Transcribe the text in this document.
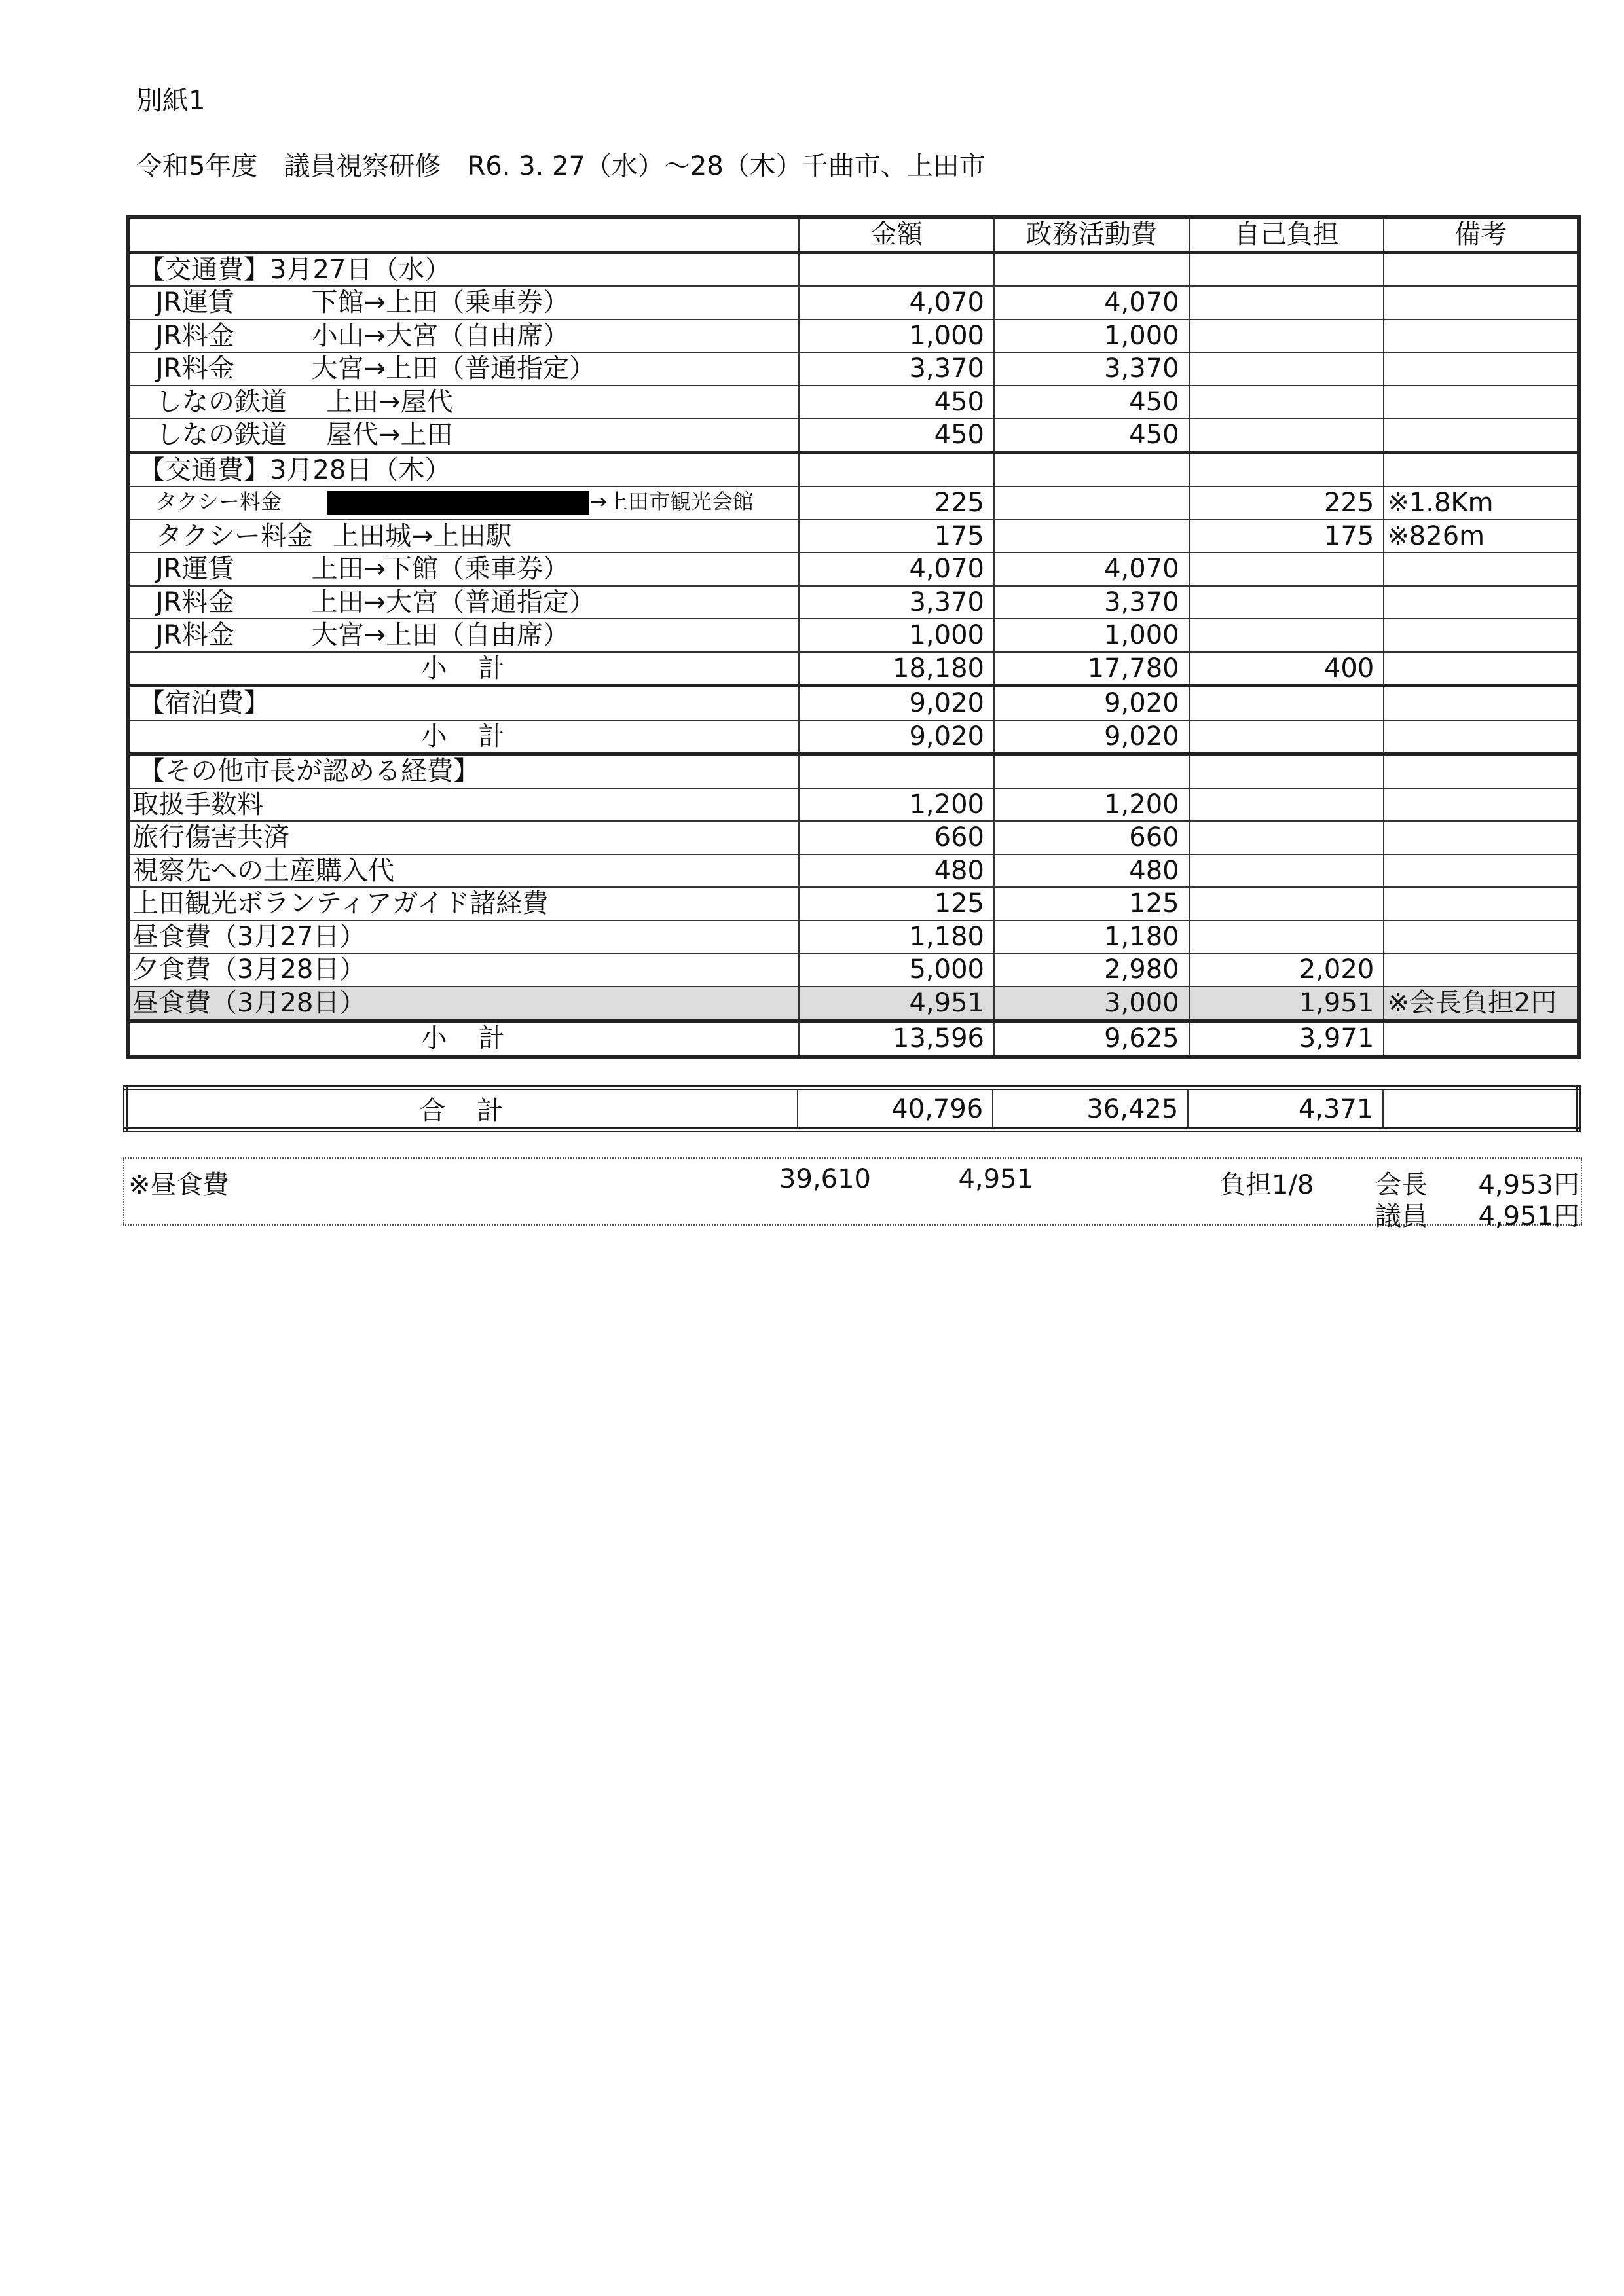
別紙1
令和5年度　議員視察研修　R6. 3. 27（水）～28（木）千曲市、上田市
	金額	政務活動費	自己負担	備考
【交通費】3月27日（水）				
JR運賃 下館→上田（乗車券）	4,070	4,070		
JR料金 小山→大宮（自由席）	1,000	1,000		
JR料金 大宮→上田（普通指定）	3,370	3,370		
しなの鉄道 上田→屋代	450	450		
しなの鉄道 屋代→上田	450	450		
【交通費】3月28日（木）				
タクシー料金 →上田市観光会館	225		225	※1.8Km
タクシー料金 上田城→上田駅	175		175	※826m
JR運賃 上田→下館（乗車券）	4,070	4,070		
JR料金 上田→大宮（普通指定）	3,370	3,370		
JR料金 大宮→上田（自由席）	1,000	1,000		
小　計	18,180	17,780	400	
【宿泊費】	9,020	9,020		
小　計	9,020	9,020		
【その他市長が認める経費】				
取扱手数料	1,200	1,200		
旅行傷害共済	660	660		
視察先への土産購入代	480	480		
上田観光ボランティアガイド諸経費	125	125		
昼食費（3月27日）	1,180	1,180		
夕食費（3月28日）	5,000	2,980	2,020	
昼食費（3月28日）	4,951	3,000	1,951	※会長負担2円
小　計	13,596	9,625	3,971	
合　計	40,796	36,425	4,371	
※昼食費	39,610	4,951	負担1/8 会長 4,953円
議員 4,951円
